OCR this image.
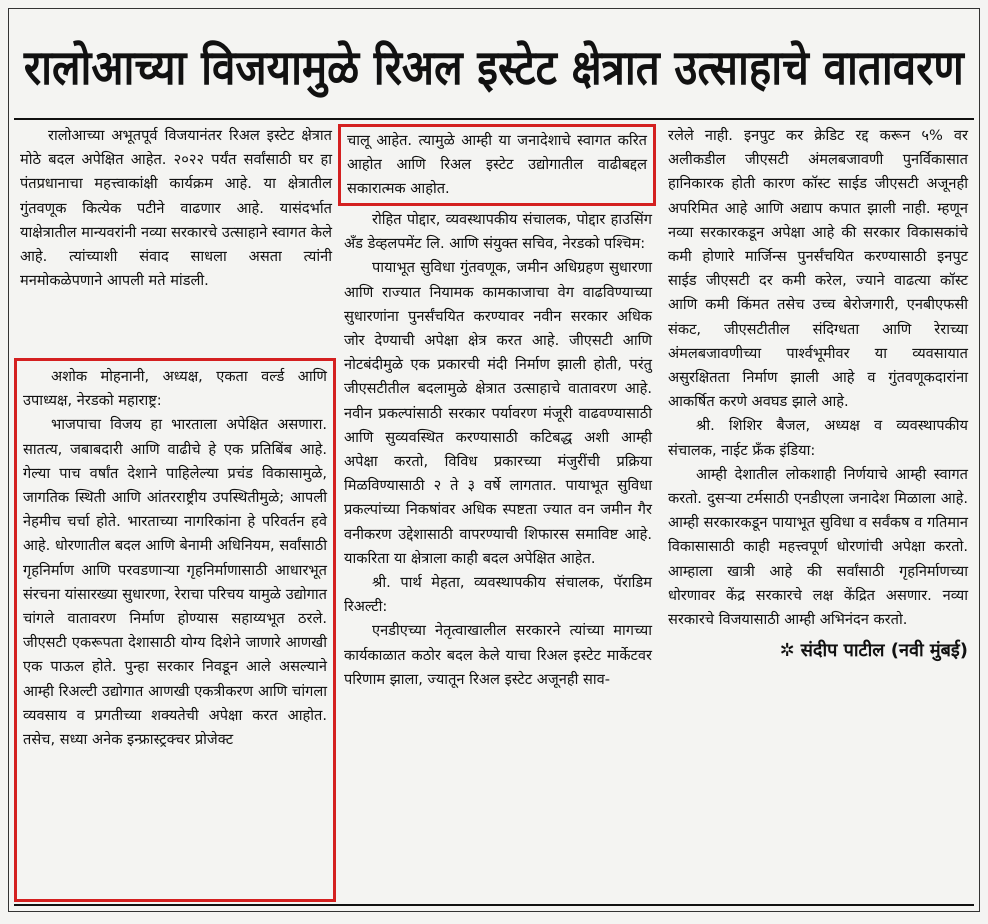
रालोआच्या विजयामुळे रिअल इस्टेट क्षेत्रात उत्साहाचे वातावरण

रालोआच्या अभूतपूर्व विजयानंतर रिअल इस्टेट क्षेत्रात मोठे बदल अपेक्षित आहेत. २०२२ पर्यंत सर्वांसाठी घर हा पंतप्रधानाचा महत्त्वाकांक्षी कार्यक्रम आहे. या क्षेत्रातील गुंतवणूक कित्येक पटीने वाढणार आहे. यासंदर्भात याक्षेत्रातील मान्यवरांनी नव्या सरकारचे उत्साहाने स्वागत केले आहे. त्यांच्याशी संवाद साधला असता त्यांनी मनमोकळेपणाने आपली मते मांडली.

अशोक मोहनानी, अध्यक्ष, एकता वर्ल्ड आणि उपाध्यक्ष, नेरडको महाराष्ट्र:

भाजपाचा विजय हा भारताला अपेक्षित असणारा. सातत्य, जबाबदारी आणि वाढीचे हे एक प्रतिबिंब आहे. गेल्या पाच वर्षांत देशाने पाहिलेल्या प्रचंड विकासामुळे, जागतिक स्थिती आणि आंतरराष्ट्रीय उपस्थितीमुळे; आपली नेहमीच चर्चा होते. भारताच्या नागरिकांना हे परिवर्तन हवे आहे. धोरणातील बदल आणि बेनामी अधिनियम, सर्वांसाठी गृहनिर्माण आणि परवडणाऱ्या गृहनिर्माणासाठी आधारभूत संरचना यांसारख्या सुधारणा, रेराचा परिचय यामुळे उद्योगात चांगले वातावरण निर्माण होण्यास सहाय्यभूत ठरले. जीएसटी एकरूपता देशासाठी योग्य दिशेने जाणारे आणखी एक पाऊल होते. पुन्हा सरकार निवडून आले असल्याने आम्ही रिअल्टी उद्योगात आणखी एकत्रीकरण आणि चांगला व्यवसाय व प्रगतीच्या शक्यतेची अपेक्षा करत आहोत. तसेच, सध्या अनेक इन्फ्रास्ट्रक्चर प्रोजेक्ट

चालू आहेत. त्यामुळे आम्ही या जनादेशाचे स्वागत करित आहोत आणि रिअल इस्टेट उद्योगातील वाढीबद्दल सकारात्मक आहोत.

रोहित पोद्दार, व्यवस्थापकीय संचालक, पोद्दार हाउसिंग अँड डेव्हलपमेंट लि. आणि संयुक्त सचिव, नेरडको पश्चिम:

पायाभूत सुविधा गुंतवणूक, जमीन अधिग्रहण सुधारणा आणि राज्यात नियामक कामकाजाचा वेग वाढविण्याच्या सुधारणांना पुनर्संचयित करण्यावर नवीन सरकार अधिक जोर देण्याची अपेक्षा क्षेत्र करत आहे. जीएसटी आणि नोटबंदीमुळे एक प्रकारची मंदी निर्माण झाली होती, परंतु जीएसटीतील बदलामुळे क्षेत्रात उत्साहाचे वातावरण आहे. नवीन प्रकल्पांसाठी सरकार पर्यावरण मंजूरी वाढवण्यासाठी आणि सुव्यवस्थित करण्यासाठी कटिबद्ध अशी आम्ही अपेक्षा करतो, विविध प्रकारच्या मंजुरींची प्रक्रिया मिळविण्यासाठी २ ते ३ वर्षे लागतात. पायाभूत सुविधा प्रकल्पांच्या निकषांवर अधिक स्पष्टता ज्यात वन जमीन गैर वनीकरण उद्देशासाठी वापरण्याची शिफारस समाविष्ट आहे. याकरिता या क्षेत्राला काही बदल अपेक्षित आहेत.

श्री. पार्थ मेहता, व्यवस्थापकीय संचालक, पॅराडिम रिअल्टी:

एनडीएच्या नेतृत्वाखालील सरकारने त्यांच्या मागच्या कार्यकाळात कठोर बदल केले याचा रिअल इस्टेट मार्केटवर परिणाम झाला, ज्यातून रिअल इस्टेट अजूनही साव-

रलेले नाही. इनपुट कर क्रेडिट रद्द करून ५% वर अलीकडील जीएसटी अंमलबजावणी पुनर्विकासात हानिकारक होती कारण कॉस्ट साईड जीएसटी अजूनही अपरिमित आहे आणि अद्याप कपात झाली नाही. म्हणून नव्या सरकारकडून अपेक्षा आहे की सरकार विकासकांचे कमी होणारे मार्जिन्स पुनर्संचयित करण्यासाठी इनपुट साईड जीएसटी दर कमी करेल, ज्याने वाढत्या कॉस्ट आणि कमी किंमत तसेच उच्च बेरोजगारी, एनबीएफसी संकट, जीएसटीतील संदिग्धता आणि रेराच्या अंमलबजावणीच्या पार्श्वभूमीवर या व्यवसायात असुरक्षितता निर्माण झाली आहे व गुंतवणूकदारांना आकर्षित करणे अवघड झाले आहे.

श्री. शिशिर बैजल, अध्यक्ष व व्यवस्थापकीय संचालक, नाईट फ्रँक इंडिया:

आम्ही देशातील लोकशाही निर्णयाचे आम्ही स्वागत करतो. दुसऱ्या टर्मसाठी एनडीएला जनादेश मिळाला आहे. आम्ही सरकारकडून पायाभूत सुविधा व सर्वंकष व गतिमान विकासासाठी काही महत्त्वपूर्ण धोरणांची अपेक्षा करतो. आम्हाला खात्री आहे की सर्वांसाठी गृहनिर्माणच्या धोरणावर केंद्र सरकारचे लक्ष केंद्रित असणार. नव्या सरकारचे विजयासाठी आम्ही अभिनंदन करतो.

✲ संदीप पाटील (नवी मुंबई)
